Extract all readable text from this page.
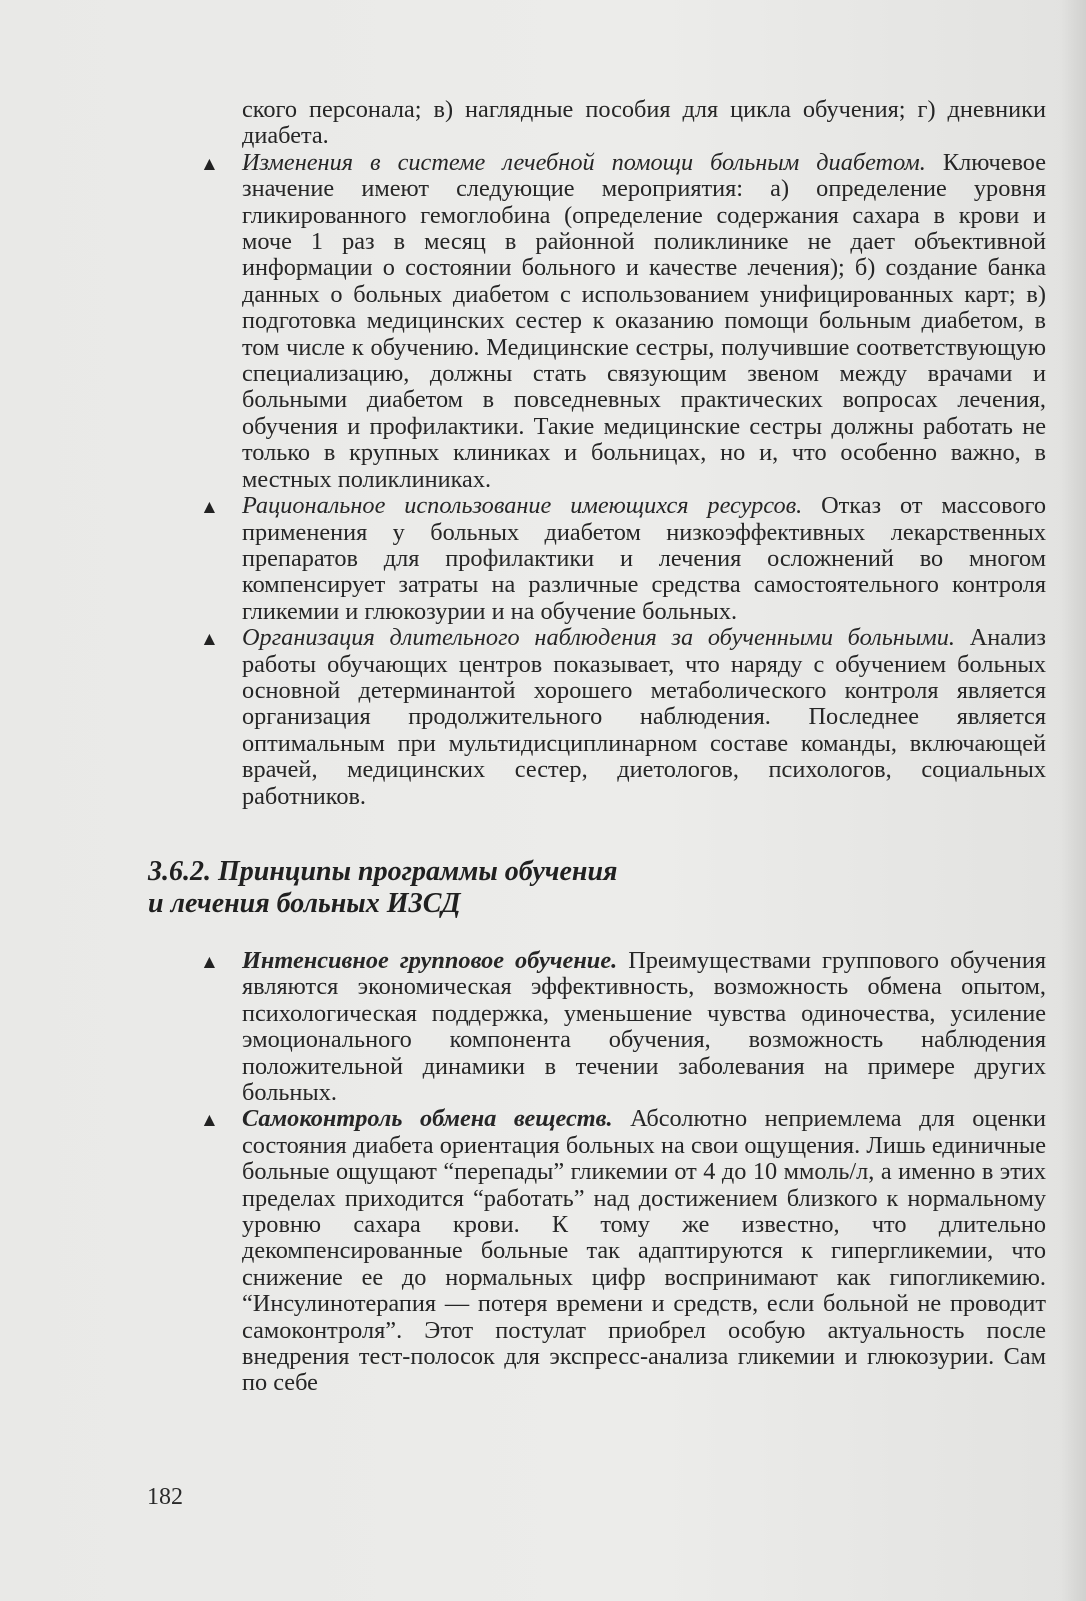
ского персонала; в) наглядные пособия для цикла обучения; г) дневники диабета.

▲ Изменения в системе лечебной помощи больным диабетом. Ключевое значение имеют следующие мероприятия: а) определение уровня гликированного гемоглобина (определение содержания сахара в крови и моче 1 раз в месяц в районной поликлинике не дает объективной информации о состоянии больного и качестве лечения); б) создание банка данных о больных диабетом с использованием унифицированных карт; в) подготовка медицинских сестер к оказанию помощи больным диабетом, в том числе к обучению. Медицинские сестры, получившие соответствующую специализацию, должны стать связующим звеном между врачами и больными диабетом в повседневных практических вопросах лечения, обучения и профилактики. Такие медицинские сестры должны работать не только в крупных клиниках и больницах, но и, что особенно важно, в местных поликлиниках.

▲ Рациональное использование имеющихся ресурсов. Отказ от массового применения у больных диабетом низкоэффективных лекарственных препаратов для профилактики и лечения осложнений во многом компенсирует затраты на различные средства самостоятельного контроля гликемии и глюкозурии и на обучение больных.

▲ Организация длительного наблюдения за обученными больными. Анализ работы обучающих центров показывает, что наряду с обучением больных основной детерминантой хорошего метаболического контроля является организация продолжительного наблюдения. Последнее является оптимальным при мультидисциплинарном составе команды, включающей врачей, медицинских сестер, диетологов, психологов, социальных работников.

3.6.2. Принципы программы обучения
и лечения больных ИЗСД

▲ Интенсивное групповое обучение. Преимуществами группового обучения являются экономическая эффективность, возможность обмена опытом, психологическая поддержка, уменьшение чувства одиночества, усиление эмоционального компонента обучения, возможность наблюдения положительной динамики в течении заболевания на примере других больных.

▲ Самоконтроль обмена веществ. Абсолютно неприемлема для оценки состояния диабета ориентация больных на свои ощущения. Лишь единичные больные ощущают “перепады” гликемии от 4 до 10 ммоль/л, а именно в этих пределах приходится “работать” над достижением близкого к нормальному уровню сахара крови. К тому же известно, что длительно декомпенсированные больные так адаптируются к гипергликемии, что снижение ее до нормальных цифр воспринимают как гипогликемию. “Инсулинотерапия — потеря времени и средств, если больной не проводит самоконтроля”. Этот постулат приобрел особую актуальность после внедрения тест-полосок для экспресс-анализа гликемии и глюкозурии. Сам по себе

182
